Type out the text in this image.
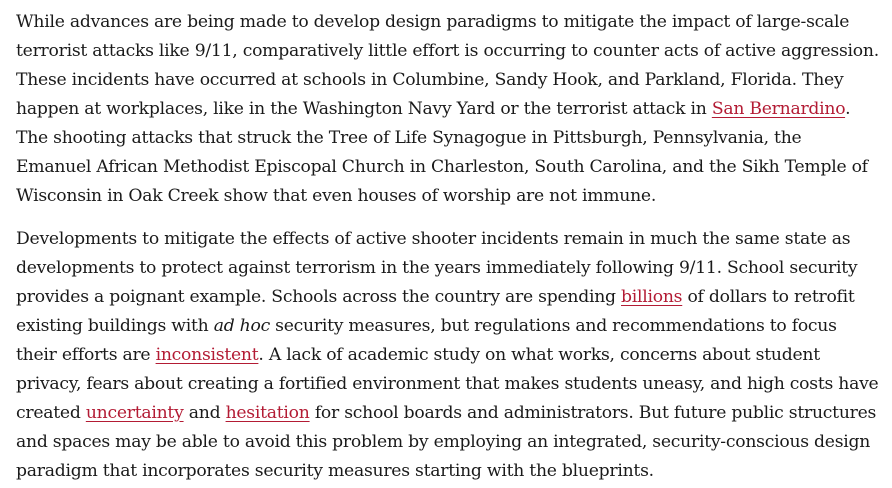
While advances are being made to develop design paradigms to mitigate the impact of large-scale terrorist attacks like 9/11, comparatively little effort is occurring to counter acts of active aggression. These incidents have occurred at schools in Columbine, Sandy Hook, and Parkland, Florida. They happen at workplaces, like in the Washington Navy Yard or the terrorist attack in San Bernardino. The shooting attacks that struck the Tree of Life Synagogue in Pittsburgh, Pennsylvania, the Emanuel African Methodist Episcopal Church in Charleston, South Carolina, and the Sikh Temple of Wisconsin in Oak Creek show that even houses of worship are not immune.

Developments to mitigate the effects of active shooter incidents remain in much the same state as developments to protect against terrorism in the years immediately following 9/11. School security provides a poignant example. Schools across the country are spending billions of dollars to retrofit existing buildings with ad hoc security measures, but regulations and recommendations to focus their efforts are inconsistent. A lack of academic study on what works, concerns about student privacy, fears about creating a fortified environment that makes students uneasy, and high costs have created uncertainty and hesitation for school boards and administrators. But future public structures and spaces may be able to avoid this problem by employing an integrated, security-conscious design paradigm that incorporates security measures starting with the blueprints.
